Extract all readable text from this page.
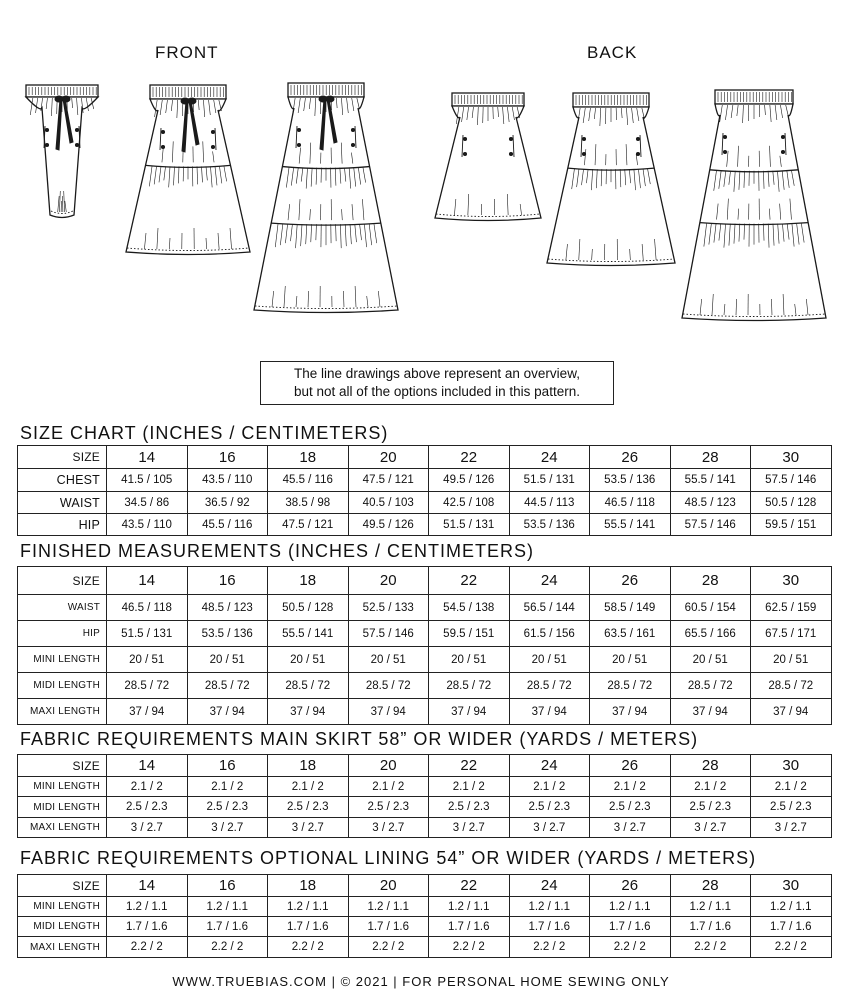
FRONT	BACK
The line drawings above represent an overview,
but not all of the options included in this pattern.
SIZE CHART (INCHES / CENTIMETERS)
SIZE	14	16	18	20	22	24	26	28	30
CHEST	41.5 / 105	43.5 / 110	45.5 / 116	47.5 / 121	49.5 / 126	51.5 / 131	53.5 / 136	55.5 / 141	57.5 / 146
WAIST	34.5 / 86	36.5 / 92	38.5 / 98	40.5 / 103	42.5 / 108	44.5 / 113	46.5 / 118	48.5 / 123	50.5 / 128
HIP	43.5 / 110	45.5 / 116	47.5 / 121	49.5 / 126	51.5 / 131	53.5 / 136	55.5 / 141	57.5 / 146	59.5 / 151
FINISHED MEASUREMENTS (INCHES / CENTIMETERS)
SIZE	14	16	18	20	22	24	26	28	30
WAIST	46.5 / 118	48.5 / 123	50.5 / 128	52.5 / 133	54.5 / 138	56.5 / 144	58.5 / 149	60.5 / 154	62.5 / 159
HIP	51.5 / 131	53.5 / 136	55.5 / 141	57.5 / 146	59.5 / 151	61.5 / 156	63.5 / 161	65.5 / 166	67.5 / 171
MINI LENGTH	20 / 51	20 / 51	20 / 51	20 / 51	20 / 51	20 / 51	20 / 51	20 / 51	20 / 51
MIDI LENGTH	28.5 / 72	28.5 / 72	28.5 / 72	28.5 / 72	28.5 / 72	28.5 / 72	28.5 / 72	28.5 / 72	28.5 / 72
MAXI LENGTH	37 / 94	37 / 94	37 / 94	37 / 94	37 / 94	37 / 94	37 / 94	37 / 94	37 / 94
FABRIC REQUIREMENTS MAIN SKIRT 58” OR WIDER (YARDS / METERS)
SIZE	14	16	18	20	22	24	26	28	30
MINI LENGTH	2.1 / 2	2.1 / 2	2.1 / 2	2.1 / 2	2.1 / 2	2.1 / 2	2.1 / 2	2.1 / 2	2.1 / 2
MIDI LENGTH	2.5 / 2.3	2.5 / 2.3	2.5 / 2.3	2.5 / 2.3	2.5 / 2.3	2.5 / 2.3	2.5 / 2.3	2.5 / 2.3	2.5 / 2.3
MAXI LENGTH	3 / 2.7	3 / 2.7	3 / 2.7	3 / 2.7	3 / 2.7	3 / 2.7	3 / 2.7	3 / 2.7	3 / 2.7
FABRIC REQUIREMENTS OPTIONAL LINING 54” OR WIDER (YARDS / METERS)
SIZE	14	16	18	20	22	24	26	28	30
MINI LENGTH	1.2 / 1.1	1.2 / 1.1	1.2 / 1.1	1.2 / 1.1	1.2 / 1.1	1.2 / 1.1	1.2 / 1.1	1.2 / 1.1	1.2 / 1.1
MIDI LENGTH	1.7 / 1.6	1.7 / 1.6	1.7 / 1.6	1.7 / 1.6	1.7 / 1.6	1.7 / 1.6	1.7 / 1.6	1.7 / 1.6	1.7 / 1.6
MAXI LENGTH	2.2 / 2	2.2 / 2	2.2 / 2	2.2 / 2	2.2 / 2	2.2 / 2	2.2 / 2	2.2 / 2	2.2 / 2
WWW.TRUEBIAS.COM | © 2021 | FOR PERSONAL HOME SEWING ONLY
